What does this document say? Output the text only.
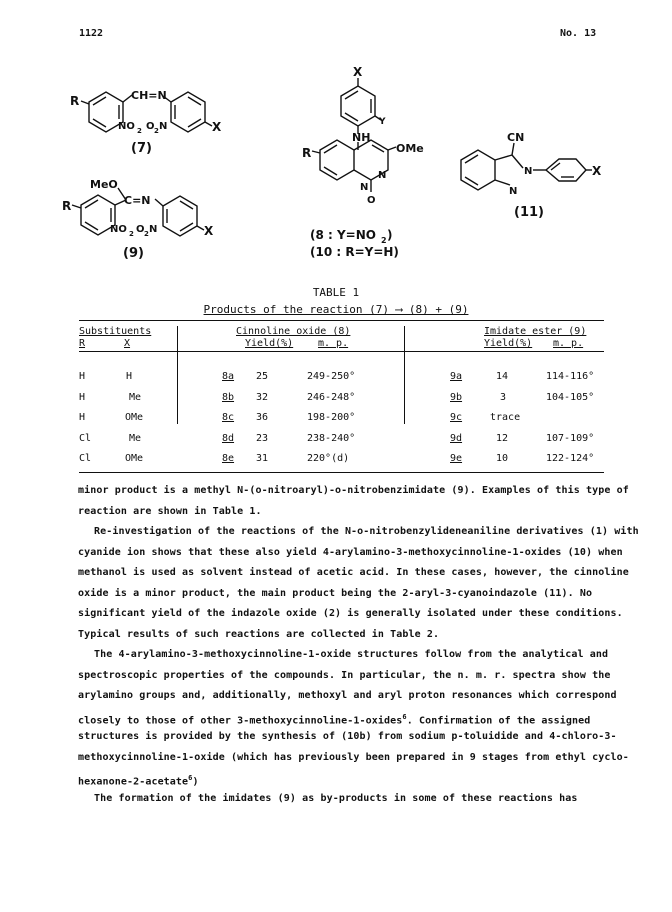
1122	No. 13
R	CH=N
NO 2 O 2 N	X
(7)
MeO
R	C=N
NO 2 O 2 N	X
(9)
X
Y
NH
R	OMe
N
N
O
(8 : Y=NO 2 )
(10 : R=Y=H)
CN
N
N
X
(11)
TABLE 1
Products of the reaction (7) ⟶ (8) + (9)
Substituents
R	X
Cinnoline oxide (8)
Yield(%) m. p.
Imidate ester (9)
Yield(%) m. p.
H	H	8a 25	249-250°	9a	14	114-116°
H	Me	8b 32	246-248°	9b	3	104-105°
H	OMe	8c 36	198-200°	9c	trace
Cl	Me	8d 23	238-240°	9d	12	107-109°
Cl	OMe	8e 31	220°(d)	9e	10	122-124°

minor product is a methyl N-(o-nitroaryl)-o-nitrobenzimidate (9). Examples of this type of

reaction are shown in Table 1.

Re-investigation of the reactions of the N-o-nitrobenzylideneaniline derivatives (1) with

cyanide ion shows that these also yield 4-arylamino-3-methoxycinnoline-1-oxides (10) when

methanol is used as solvent instead of acetic acid. In these cases, however, the cinnoline

oxide is a minor product, the main product being the 2-aryl-3-cyanoindazole (11). No

significant yield of the indazole oxide (2) is generally isolated under these conditions.

Typical results of such reactions are collected in Table 2.

The 4-arylamino-3-methoxycinnoline-1-oxide structures follow from the analytical and

spectroscopic properties of the compounds. In particular, the n. m. r. spectra show the

arylamino groups and, additionally, methoxyl and aryl proton resonances which correspond

closely to those of other 3-methoxycinnoline-1-oxides$^6$. Confirmation of the assigned

structures is provided by the synthesis of (10b) from sodium p-toluidide and 4-chloro-3-

methoxycinnoline-1-oxide (which has previously been prepared in 9 stages from ethyl cyclo-

hexanone-2-acetate$^6$)

The formation of the imidates (9) as by-products in some of these reactions has
